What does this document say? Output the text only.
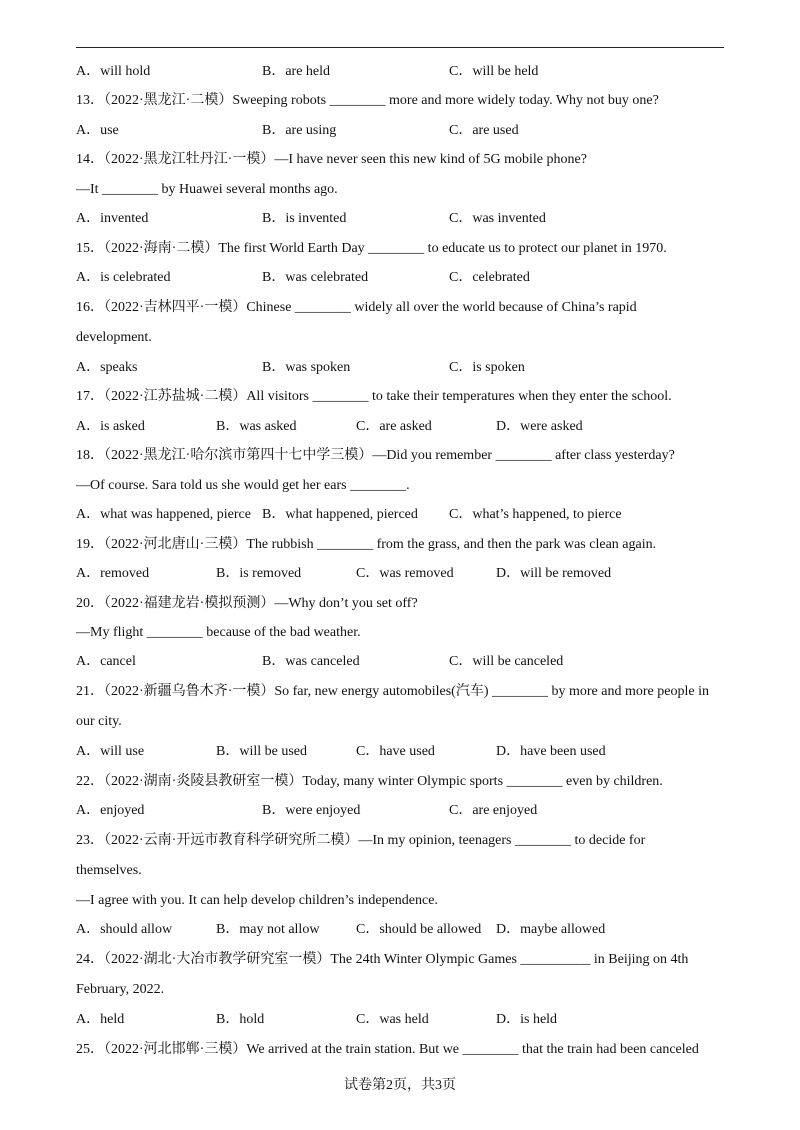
A．will hold	B．are held	C．will be held
13．（2022·黑龙江·二模）Sweeping robots ________ more and more widely today. Why not buy one?
A．use	B．are using	C．are used
14．（2022·黑龙江牡丹江·一模）—I have never seen this new kind of 5G mobile phone?
—It ________ by Huawei several months ago.
A．invented	B．is invented	C．was invented
15．（2022·海南·二模）The first World Earth Day ________ to educate us to protect our planet in 1970.
A．is celebrated	B．was celebrated	C．celebrated
16．（2022·吉林四平·一模）Chinese ________ widely all over the world because of China’s rapid
development.
A．speaks	B．was spoken	C．is spoken
17．（2022·江苏盐城·二模）All visitors ________ to take their temperatures when they enter the school.
A．is asked	B．was asked	C．are asked	D．were asked
18．（2022·黑龙江·哈尔滨市第四十七中学三模）—Did you remember ________ after class yesterday?
—Of course. Sara told us she would get her ears ________.
A．what was happened, pierce B．what happened, pierced C．what’s happened, to pierce
19．（2022·河北唐山·三模）The rubbish ________ from the grass, and then the park was clean again.
A．removed	B．is removed	C．was removed	D．will be removed
20．（2022·福建龙岩·模拟预测）—Why don’t you set off?
—My flight ________ because of the bad weather.
A．cancel	B．was canceled	C．will be canceled
21．（2022·新疆乌鲁木齐·一模）So far, new energy automobiles(汽车) ________ by more and more people in
our city.
A．will use	B．will be used	C．have used	D．have been used
22．（2022·湖南·炎陵县教研室一模）Today, many winter Olympic sports ________ even by children.
A．enjoyed	B．were enjoyed	C．are enjoyed
23．（2022·云南·开远市教育科学研究所二模）—In my opinion, teenagers ________ to decide for
themselves.
—I agree with you. It can help develop children’s independence.
A．should allow	B．may not allow	C．should be allowed D．maybe allowed
24．（2022·湖北·大冶市教学研究室一模）The 24th Winter Olympic Games __________ in Beijing on 4th
February, 2022.
A．held	B．hold	C．was held	D．is held
25．（2022·河北邯郸·三模）We arrived at the train station. But we ________ that the train had been canceled
试卷第2页，共3页
